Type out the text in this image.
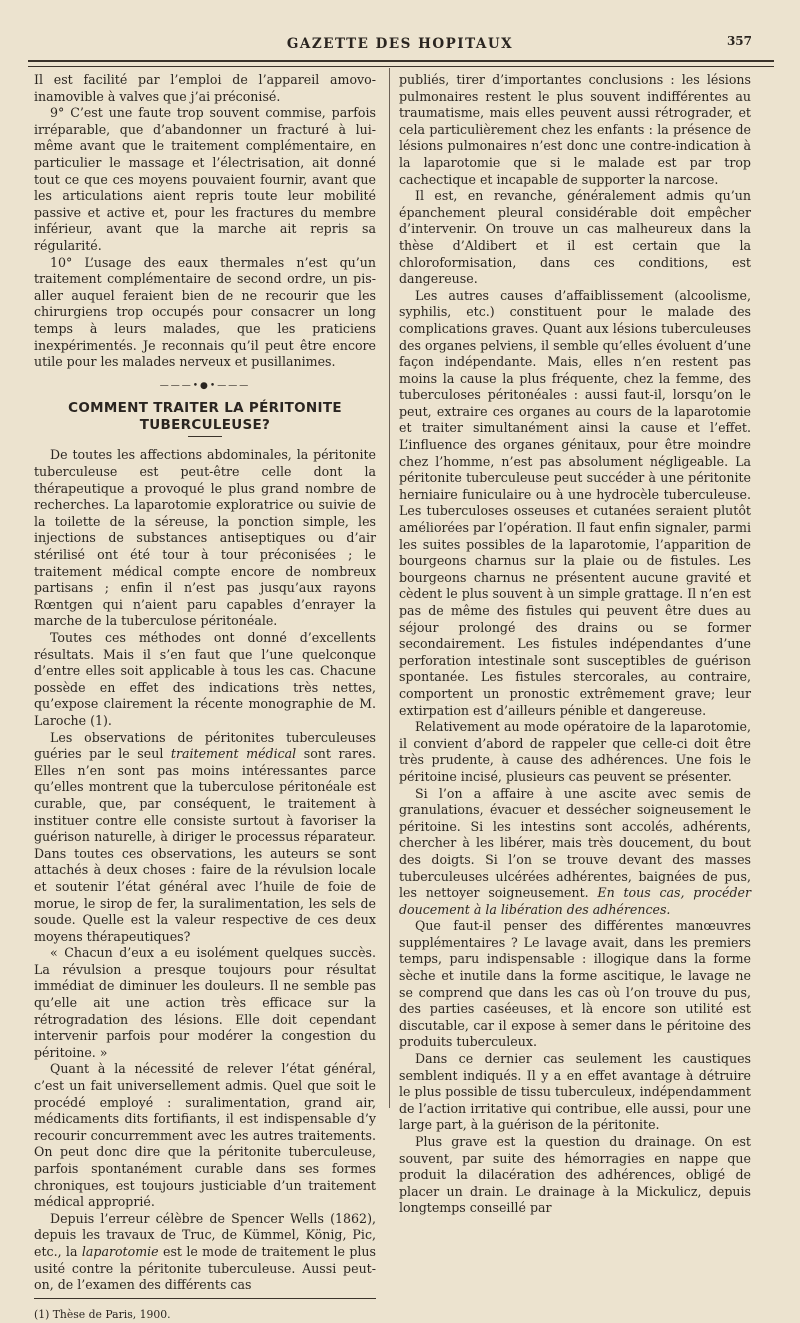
GAZETTE DES HOPITAUX	357

Il est facilité par l’emploi de l’appareil amovo-inamovible à valves que j’ai préconisé.

9° C’est une faute trop souvent commise, parfois irréparable, que d’abandonner un fracturé à lui-même avant que le traitement complémentaire, en particulier le massage et l’électrisation, ait donné tout ce que ces moyens pouvaient fournir, avant que les articulations aient repris toute leur mobilité passive et active et, pour les fractures du membre inférieur, avant que la marche ait repris sa régularité.

10° L’usage des eaux thermales n’est qu’un traitement complémentaire de second ordre, un pis-aller auquel feraient bien de ne recourir que les chirurgiens trop occupés pour consacrer un long temps à leurs malades, que les praticiens inexpérimentés. Je reconnais qu’il peut être encore utile pour les malades nerveux et pusillanimes.

———•●•———
COMMENT TRAITER LA PÉRITONITE TUBERCULEUSE?

De toutes les affections abdominales, la péritonite tuberculeuse est peut-être celle dont la thérapeutique a provoqué le plus grand nombre de recherches. La laparotomie exploratrice ou suivie de la toilette de la séreuse, la ponction simple, les injections de substances antiseptiques ou d’air stérilisé ont été tour à tour préconisées ; le traitement médical compte encore de nombreux partisans ; enfin il n’est pas jusqu’aux rayons Rœntgen qui n’aient paru capables d’enrayer la marche de la tuberculose péritonéale.

Toutes ces méthodes ont donné d’excellents résultats. Mais il s’en faut que l’une quelconque d’entre elles soit applicable à tous les cas. Chacune possède en effet des indications très nettes, qu’expose clairement la récente monographie de M. Laroche (1).

Les observations de péritonites tuberculeuses guéries par le seul traitement médical sont rares. Elles n’en sont pas moins intéressantes parce qu’elles montrent que la tuberculose péritonéale est curable, que, par conséquent, le traitement à instituer contre elle consiste surtout à favoriser la guérison naturelle, à diriger le processus réparateur. Dans toutes ces observations, les auteurs se sont attachés à deux choses : faire de la révulsion locale et soutenir l’état général avec l’huile de foie de morue, le sirop de fer, la suralimentation, les sels de soude. Quelle est la valeur respective de ces deux moyens thérapeutiques?

« Chacun d’eux a eu isolément quelques succès. La révulsion a presque toujours pour résultat immédiat de diminuer les douleurs. Il ne semble pas qu’elle ait une action très efficace sur la rétrogradation des lésions. Elle doit cependant intervenir parfois pour modérer la congestion du péritoine. »

Quant à la nécessité de relever l’état général, c’est un fait universellement admis. Quel que soit le procédé employé : suralimentation, grand air, médicaments dits fortifiants, il est indispensable d’y recourir concurremment avec les autres traitements. On peut donc dire que la péritonite tuberculeuse, parfois spontanément curable dans ses formes chroniques, est toujours justiciable d’un traitement médical approprié.

Depuis l’erreur célèbre de Spencer Wells (1862), depuis les travaux de Truc, de Kümmel, König, Pic, etc., la laparotomie est le mode de traitement le plus usité contre la péritonite tuberculeuse. Aussi peut-on, de l’examen des différents cas

(1) Thèse de Paris, 1900.

publiés, tirer d’importantes conclusions : les lésions pulmonaires restent le plus souvent indifférentes au traumatisme, mais elles peuvent aussi rétrograder, et cela particulièrement chez les enfants : la présence de lésions pulmonaires n’est donc une contre-indication à la laparotomie que si le malade est par trop cachectique et incapable de supporter la narcose.

Il est, en revanche, généralement admis qu’un épanchement pleural considérable doit empêcher d’intervenir. On trouve un cas malheureux dans la thèse d’Aldibert et il est certain que la chloroformisation, dans ces conditions, est dangereuse.

Les autres causes d’affaiblissement (alcoolisme, syphilis, etc.) constituent pour le malade des complications graves. Quant aux lésions tuberculeuses des organes pelviens, il semble qu’elles évoluent d’une façon indépendante. Mais, elles n’en restent pas moins la cause la plus fréquente, chez la femme, des tuberculoses péritonéales : aussi faut-il, lorsqu’on le peut, extraire ces organes au cours de la laparotomie et traiter simultanément ainsi la cause et l’effet. L’influence des organes génitaux, pour être moindre chez l’homme, n’est pas absolument négligeable. La péritonite tuberculeuse peut succéder à une péritonite herniaire funiculaire ou à une hydrocèle tuberculeuse. Les tuberculoses osseuses et cutanées seraient plutôt améliorées par l’opération. Il faut enfin signaler, parmi les suites possibles de la laparotomie, l’apparition de bourgeons charnus sur la plaie ou de fistules. Les bourgeons charnus ne présentent aucune gravité et cèdent le plus souvent à un simple grattage. Il n’en est pas de même des fistules qui peuvent être dues au séjour prolongé des drains ou se former secondairement. Les fistules indépendantes d’une perforation intestinale sont susceptibles de guérison spontanée. Les fistules stercorales, au contraire, comportent un pronostic extrêmement grave; leur extirpation est d’ailleurs pénible et dangereuse.

Relativement au mode opératoire de la laparotomie, il convient d’abord de rappeler que celle-ci doit être très prudente, à cause des adhérences. Une fois le péritoine incisé, plusieurs cas peuvent se présenter.

Si l’on a affaire à une ascite avec semis de granulations, évacuer et dessécher soigneusement le péritoine. Si les intestins sont accolés, adhérents, chercher à les libérer, mais très doucement, du bout des doigts. Si l’on se trouve devant des masses tuberculeuses ulcérées adhérentes, baignées de pus, les nettoyer soigneusement. En tous cas, procéder doucement à la libération des adhérences.

Que faut-il penser des différentes manœuvres supplémentaires ? Le lavage avait, dans les premiers temps, paru indispensable : illogique dans la forme sèche et inutile dans la forme ascitique, le lavage ne se comprend que dans les cas où l’on trouve du pus, des parties caséeuses, et là encore son utilité est discutable, car il expose à semer dans le péritoine des produits tuberculeux.

Dans ce dernier cas seulement les caustiques semblent indiqués. Il y a en effet avantage à détruire le plus possible de tissu tuberculeux, indépendamment de l’action irritative qui contribue, elle aussi, pour une large part, à la guérison de la péritonite.

Plus grave est la question du drainage. On est souvent, par suite des hémorragies en nappe que produit la dilacération des adhérences, obligé de placer un drain. Le drainage à la Mickulicz, depuis longtemps conseillé par
